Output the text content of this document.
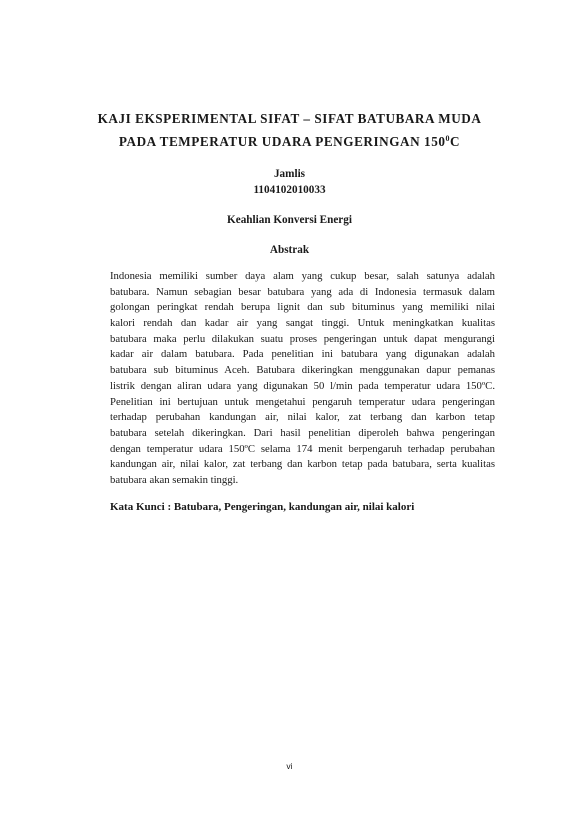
KAJI EKSPERIMENTAL SIFAT – SIFAT BATUBARA MUDA
PADA TEMPERATUR UDARA PENGERINGAN $150^0C$
Jamlis
1104102010033
Keahlian Konversi Energi
Abstrak
Indonesia memiliki sumber daya alam yang cukup besar, salah satunya adalah
batubara. Namun sebagian besar batubara yang ada di Indonesia termasuk dalam
golongan peringkat rendah berupa lignit dan sub bituminus yang memiliki nilai
kalori rendah dan kadar air yang sangat tinggi. Untuk meningkatkan kualitas
batubara maka perlu dilakukan suatu proses pengeringan untuk dapat mengurangi
kadar air dalam batubara. Pada penelitian ini batubara yang digunakan adalah
batubara sub bituminus Aceh. Batubara dikeringkan menggunakan dapur pemanas
listrik dengan aliran udara yang digunakan 50 l/min pada temperatur udara 150ºC.
Penelitian ini bertujuan untuk mengetahui pengaruh temperatur udara pengeringan
terhadap perubahan kandungan air, nilai kalor, zat terbang dan karbon tetap
batubara setelah dikeringkan. Dari hasil penelitian diperoleh bahwa pengeringan
dengan temperatur udara 150ºC selama 174 menit berpengaruh terhadap perubahan
kandungan air, nilai kalor, zat terbang dan karbon tetap pada batubara, serta kualitas
batubara akan semakin tinggi.
Kata Kunci : Batubara, Pengeringan, kandungan air, nilai kalori
vi
